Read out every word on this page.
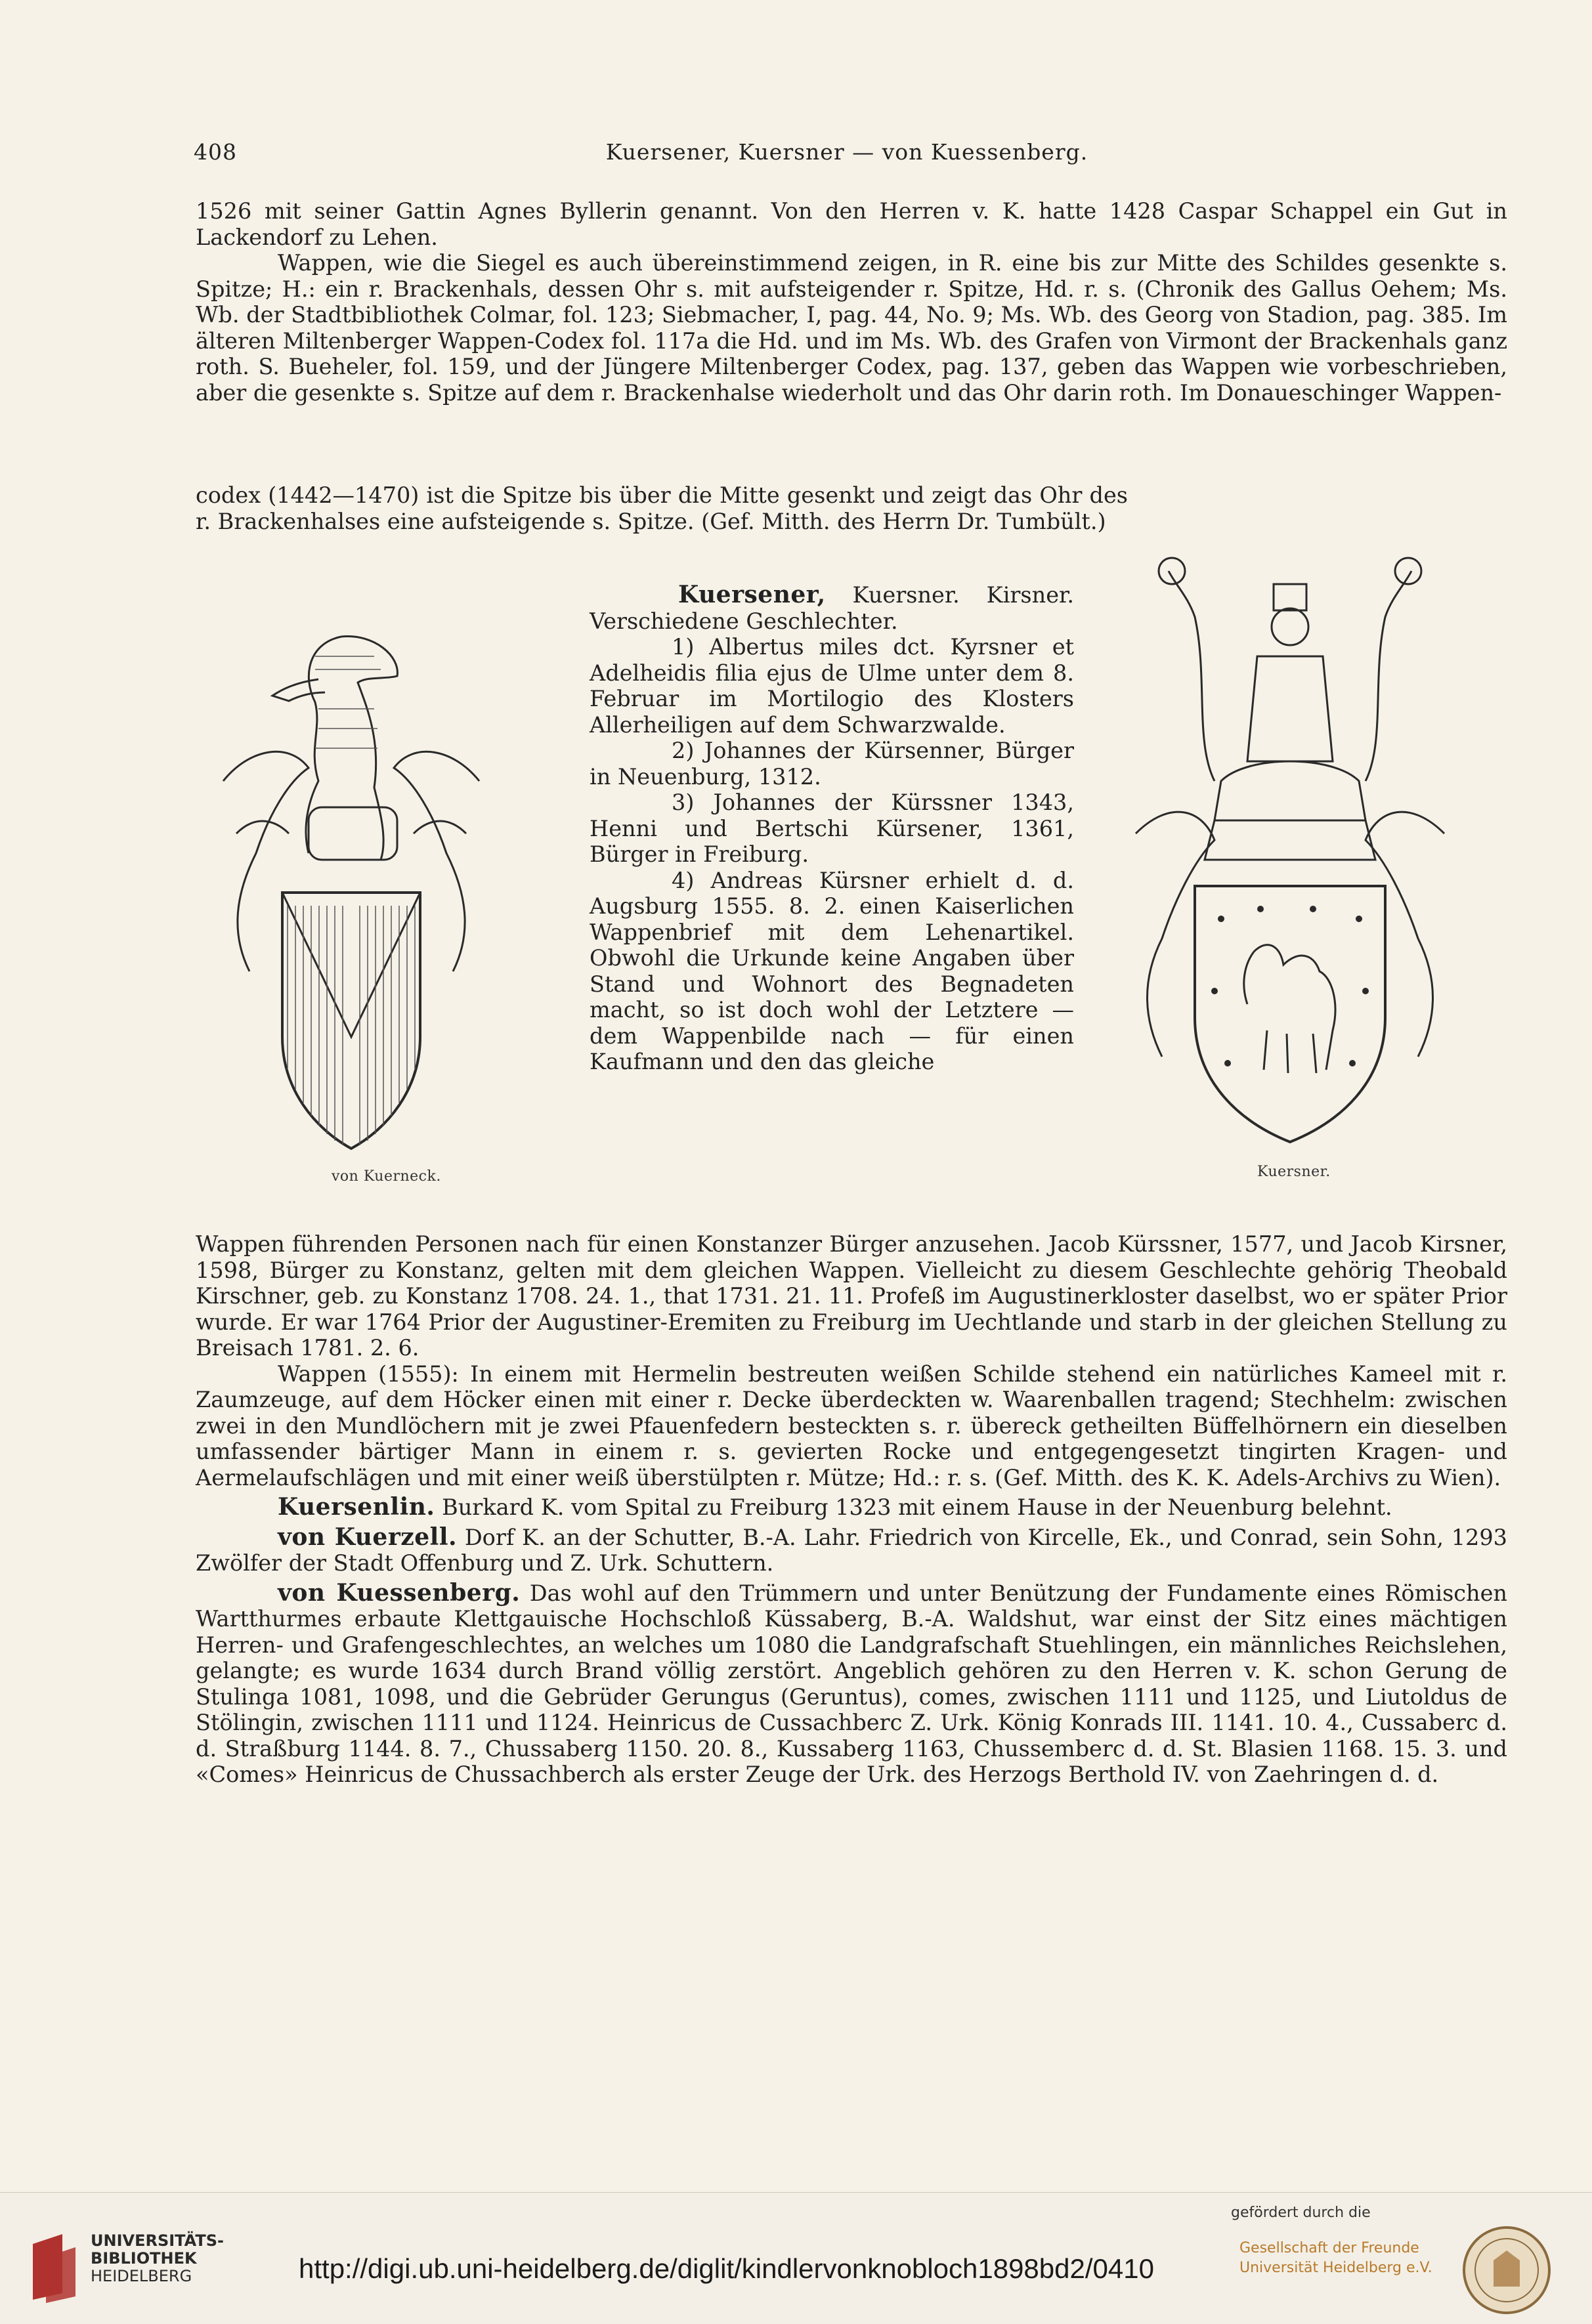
408	Kuersener, Kuersner — von Kuessenberg.

1526 mit seiner Gattin Agnes Byllerin genannt. Von den Herren v. K. hatte 1428 Caspar Schappel ein Gut in Lackendorf zu Lehen.

Wappen, wie die Siegel es auch übereinstimmend zeigen, in R. eine bis zur Mitte des Schildes gesenkte s. Spitze; H.: ein r. Brackenhals, dessen Ohr s. mit aufsteigender r. Spitze, Hd. r. s. (Chronik des Gallus Oehem; Ms. Wb. der Stadtbibliothek Colmar, fol. 123; Siebmacher, I, pag. 44, No. 9; Ms. Wb. des Georg von Stadion, pag. 385. Im älteren Miltenberger Wappen-Codex fol. 117a die Hd. und im Ms. Wb. des Grafen von Virmont der Brackenhals ganz roth. S. Bueheler, fol. 159, und der Jüngere Miltenberger Codex, pag. 137, geben das Wappen wie vorbeschrieben, aber die gesenkte s. Spitze auf dem r. Brackenhalse wiederholt und das Ohr darin roth. Im Donaueschinger Wappen-

codex (1442—1470) ist die Spitze bis über die Mitte gesenkt und zeigt das Ohr des r. Brackenhalses eine aufsteigende s. Spitze. (Gef. Mitth. des Herrn Dr. Tumbült.)

von Kuerneck.	Kuersner.

Kuersener, Kuersner. Kirsner. Verschiedene Geschlechter.

1) Albertus miles dct. Kyrsner et Adelheidis filia ejus de Ulme unter dem 8. Februar im Mortilogio des Klosters Allerheiligen auf dem Schwarzwalde.

2) Johannes der Kürsenner, Bürger in Neuenburg, 1312.

3) Johannes der Kürssner 1343, Henni und Bertschi Kürsener, 1361, Bürger in Freiburg.

4) Andreas Kürsner erhielt d. d. Augsburg 1555. 8. 2. einen Kaiserlichen Wappenbrief mit dem Lehenartikel. Obwohl die Urkunde keine Angaben über Stand und Wohnort des Begnadeten macht, so ist doch wohl der Letztere — dem Wappenbilde nach — für einen Kaufmann und den das gleiche

Wappen führenden Personen nach für einen Konstanzer Bürger anzusehen. Jacob Kürssner, 1577, und Jacob Kirsner, 1598, Bürger zu Konstanz, gelten mit dem gleichen Wappen. Vielleicht zu diesem Geschlechte gehörig Theobald Kirschner, geb. zu Konstanz 1708. 24. 1., that 1731. 21. 11. Profeß im Augustinerkloster daselbst, wo er später Prior wurde. Er war 1764 Prior der Augustiner-Eremiten zu Freiburg im Uechtlande und starb in der gleichen Stellung zu Breisach 1781. 2. 6.

Wappen (1555): In einem mit Hermelin bestreuten weißen Schilde stehend ein natürliches Kameel mit r. Zaumzeuge, auf dem Höcker einen mit einer r. Decke überdeckten w. Waarenballen tragend; Stechhelm: zwischen zwei in den Mundlöchern mit je zwei Pfauenfedern besteckten s. r. übereck getheilten Büffelhörnern ein dieselben umfassender bärtiger Mann in einem r. s. gevierten Rocke und entgegengesetzt tingirten Kragen- und Aermelaufschlägen und mit einer weiß überstülpten r. Mütze; Hd.: r. s. (Gef. Mitth. des K. K. Adels-Archivs zu Wien).

Kuersenlin. Burkard K. vom Spital zu Freiburg 1323 mit einem Hause in der Neuenburg belehnt.

von Kuerzell. Dorf K. an der Schutter, B.-A. Lahr. Friedrich von Kircelle, Ek., und Conrad, sein Sohn, 1293 Zwölfer der Stadt Offenburg und Z. Urk. Schuttern.

von Kuessenberg. Das wohl auf den Trümmern und unter Benützung der Fundamente eines Römischen Wartthurmes erbaute Klettgauische Hochschloß Küssaberg, B.-A. Waldshut, war einst der Sitz eines mächtigen Herren- und Grafengeschlechtes, an welches um 1080 die Landgrafschaft Stuehlingen, ein männliches Reichslehen, gelangte; es wurde 1634 durch Brand völlig zerstört. Angeblich gehören zu den Herren v. K. schon Gerung de Stulinga 1081, 1098, und die Gebrüder Gerungus (Geruntus), comes, zwischen 1111 und 1125, und Liutoldus de Stölingin, zwischen 1111 und 1124. Heinricus de Cussachberc Z. Urk. König Konrads III. 1141. 10. 4., Cussaberc d. d. Straßburg 1144. 8. 7., Chussaberg 1150. 20. 8., Kussaberg 1163, Chussemberc d. d. St. Blasien 1168. 15. 3. und «Comes» Heinricus de Chussachberch als erster Zeuge der Urk. des Herzogs Berthold IV. von Zaehringen d. d.

UNIVERSITÄTS-
BIBLIOTHEK
HEIDELBERG	http://digi.ub.uni-heidelberg.de/diglit/kindlervonknobloch1898bd2/0410
gefördert durch die
Gesellschaft der Freunde
Universität Heidelberg e.V.
